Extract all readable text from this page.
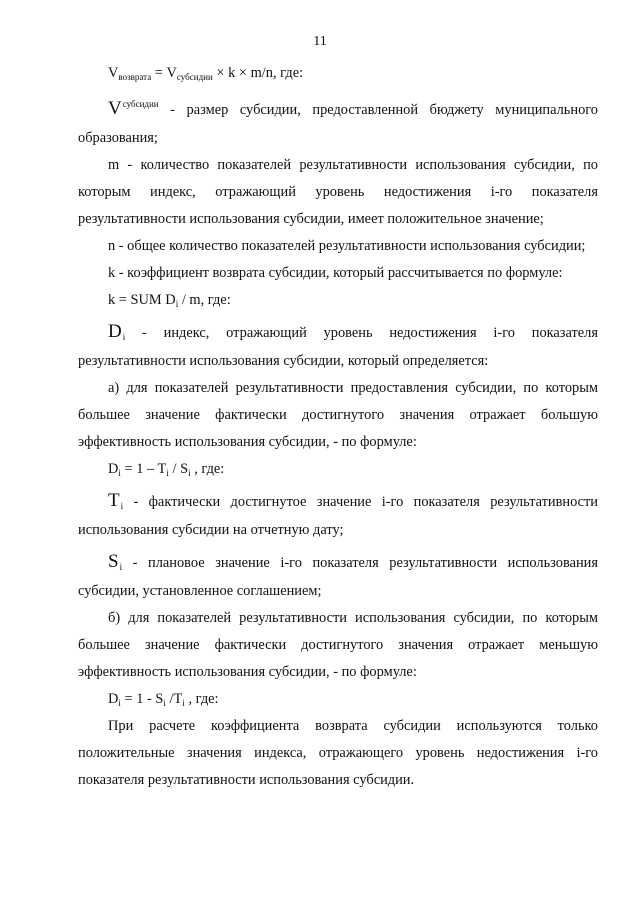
11

$V_{возврата} = V_{субсидии} \times k \times m/n$, где:

$V^{субсидии}$ - размер субсидии, предоставленной бюджету муниципального образования;

m - количество показателей результативности использования субсидии, по которым индекс, отражающий уровень недостижения i-го показателя результативности использования субсидии, имеет положительное значение;

n - общее количество показателей результативности использования субсидии;

k - коэффициент возврата субсидии, который рассчитывается по формуле:

k = SUM $D_i$ / m, где:

$D_i$ - индекс, отражающий уровень недостижения i-го показателя результативности использования субсидии, который определяется:

а) для показателей результативности предоставления субсидии, по которым большее значение фактически достигнутого значения отражает большую эффективность использования субсидии, - по формуле:

$D_i = 1 - T_i / S_i$ , где:

$T_i$ - фактически достигнутое значение i-го показателя результативности использования субсидии на отчетную дату;

$S_i$ - плановое значение i-го показателя результативности использования субсидии, установленное соглашением;

б) для показателей результативности использования субсидии, по которым большее значение фактически достигнутого значения отражает меньшую эффективность использования субсидии, - по формуле:

$D_i = 1 - S_i$ $/T_i$ , где:

При расчете коэффициента возврата субсидии используются только положительные значения индекса, отражающего уровень недостижения i-го показателя результативности использования субсидии.
